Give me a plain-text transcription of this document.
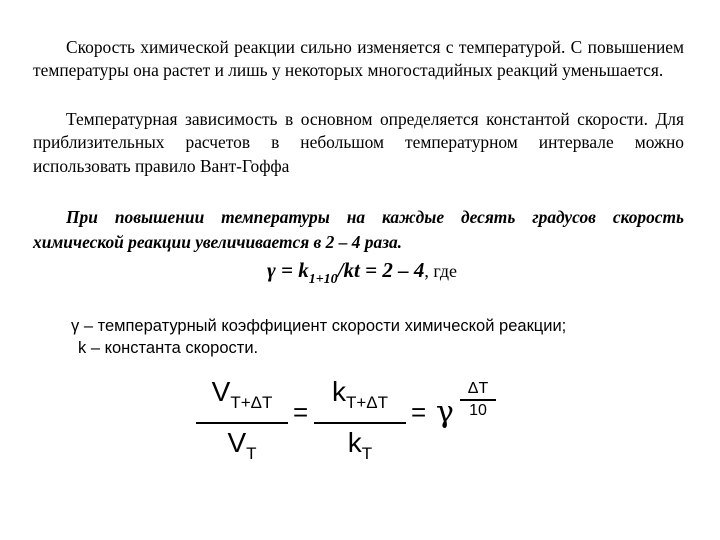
Скорость химической реакции сильно изменяется с температурой. С повышением температуры она растет и лишь у некоторых многостадийных реакций уменьшается.

Температурная зависимость в основном определяется константой скорости. Для приблизительных расчетов в небольшом температурном интервале можно использовать правило Вант-Гоффа

При повышении температуры на каждые десять градусов скорость химической реакции увеличивается в 2 – 4 раза.

$\gamma = k_{1+10}/kt = 2 - 4$, где

γ – температурный коэффициент скорости химической реакции;

k – константа скорости.

$V_{T+\Delta T}$
$V_T$
=
$k_{T+\Delta T}$
$k_T$
= γ
ΔT
10
